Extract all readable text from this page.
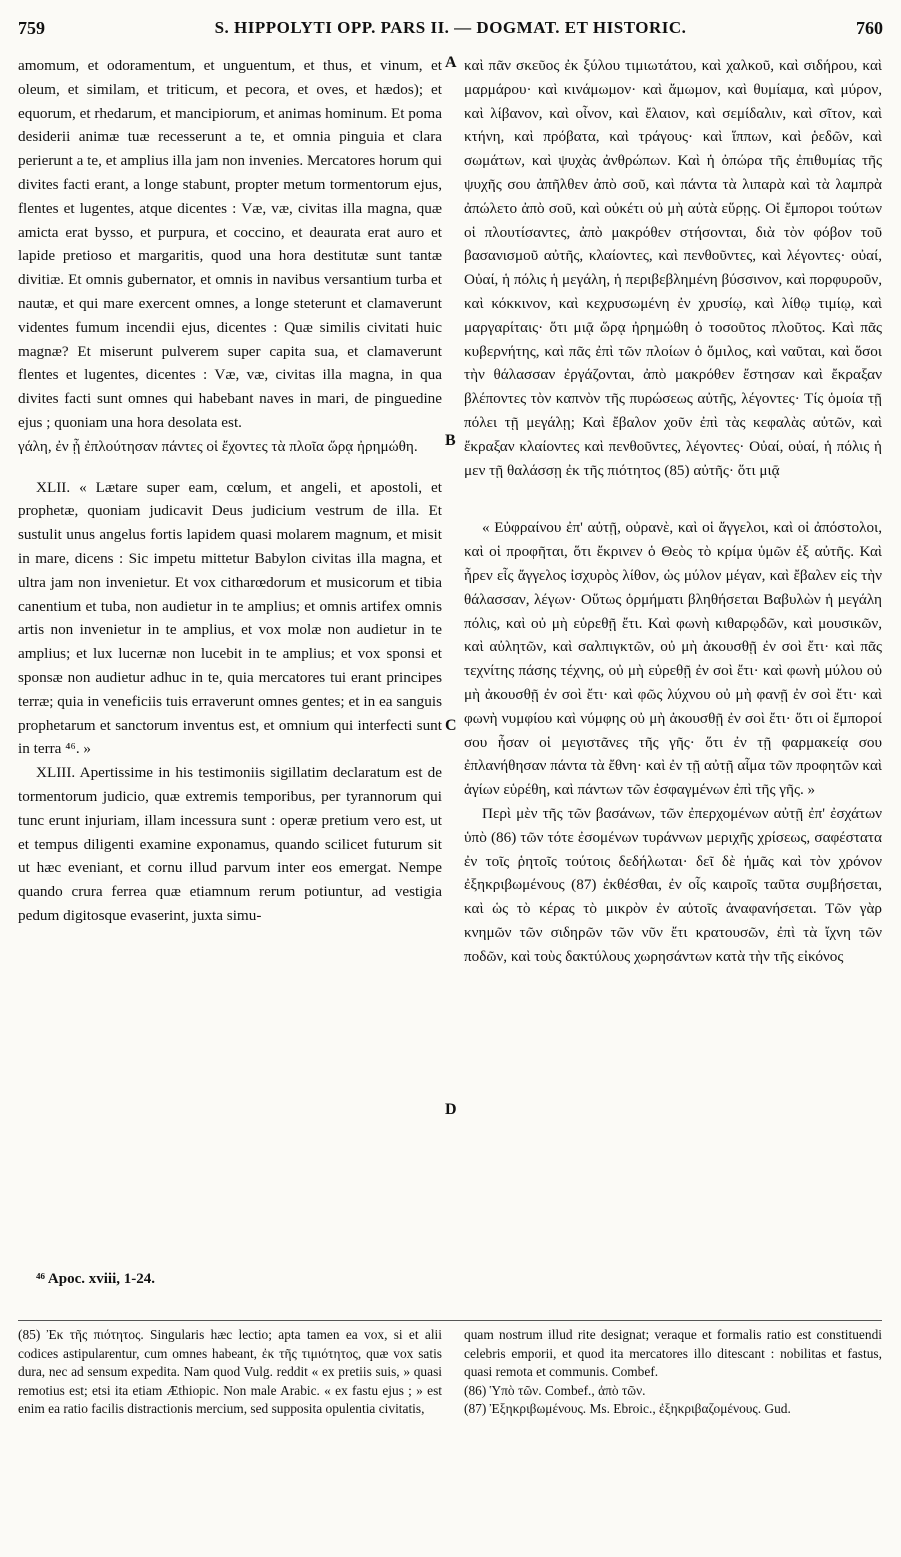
759	S. HIPPOLYTI OPP. PARS II. — DOGMAT. ET HISTORIC.	760
A
B
C
D

amomum, et odoramentum, et unguentum, et thus, et vinum, et oleum, et similam, et triticum, et pecora, et oves, et hædos); et equorum, et rhedarum, et mancipiorum, et animas hominum. Et poma desiderii animæ tuæ recesserunt a te, et omnia pinguia et clara perierunt a te, et amplius illa jam non invenies. Mercatores horum qui divites facti erant, a longe stabunt, propter metum tormentorum ejus, flentes et lugentes, atque dicentes : Væ, væ, civitas illa magna, quæ amicta erat bysso, et purpura, et coccino, et deaurata erat auro et lapide pretioso et margaritis, quod una hora destitutæ sunt tantæ divitiæ. Et omnis gubernator, et omnis in navibus versantium turba et nautæ, et qui mare exercent omnes, a longe steterunt et clamaverunt videntes fumum incendii ejus, dicentes : Quæ similis civitati huic magnæ? Et miserunt pulverem super capita sua, et clamaverunt flentes et lugentes, dicentes : Væ, væ, civitas illa magna, in qua divites facti sunt omnes qui habebant naves in mari, de pinguedine ejus ; quoniam una hora desolata est.

γάλη, ἐν ᾗ ἐπλούτησαν πάντες οἱ ἔχοντες τὰ πλοῖα ὥρᾳ ἠρημώθη.

XLII. « Lætare super eam, cœlum, et angeli, et apostoli, et prophetæ, quoniam judicavit Deus judicium vestrum de illa. Et sustulit unus angelus fortis lapidem quasi molarem magnum, et misit in mare, dicens : Sic impetu mittetur Babylon civitas illa magna, et ultra jam non invenietur. Et vox citharœdorum et musicorum et tibia canentium et tuba, non audietur in te amplius; et omnis artifex omnis artis non invenietur in te amplius, et vox molæ non audietur in te amplius; et lux lucernæ non lucebit in te amplius; et vox sponsi et sponsæ non audietur adhuc in te, quia mercatores tui erant principes terræ; quia in veneficiis tuis erraverunt omnes gentes; et in ea sanguis prophetarum et sanctorum inventus est, et omnium qui interfecti sunt in terra ⁴⁶. »

XLIII. Apertissime in his testimoniis sigillatim declaratum est de tormentorum judicio, quæ extremis temporibus, per tyrannorum qui tunc erunt injuriam, illam incessura sunt : operæ pretium vero est, ut et tempus diligenti examine exponamus, quando scilicet futurum sit ut hæc eveniant, et cornu illud parvum inter eos emergat. Nempe quando crura ferrea quæ etiamnum rerum potiuntur, ad vestigia pedum digitosque evaserint, juxta simu-

καὶ πᾶν σκεῦος ἐκ ξύλου τιμιωτάτου, καὶ χαλκοῦ, καὶ σιδήρου, καὶ μαρμάρου· καὶ κινάμωμον· καὶ ἄμωμον, καὶ θυμίαμα, καὶ μύρον, καὶ λίβανον, καὶ οἶνον, καὶ ἔλαιον, καὶ σεμίδαλιν, καὶ σῖτον, καὶ κτήνη, καὶ πρόβατα, καὶ τράγους· καὶ ἵππων, καὶ ῥεδῶν, καὶ σωμάτων, καὶ ψυχὰς ἀνθρώπων. Καὶ ἡ ὀπώρα τῆς ἐπιθυμίας τῆς ψυχῆς σου ἀπῆλθεν ἀπὸ σοῦ, καὶ πάντα τὰ λιπαρὰ καὶ τὰ λαμπρὰ ἀπώλετο ἀπὸ σοῦ, καὶ οὐκέτι οὐ μὴ αὐτὰ εὕρῃς. Οἱ ἔμποροι τούτων οἱ πλουτίσαντες, ἀπὸ μακρόθεν στήσονται, διὰ τὸν φόβον τοῦ βασανισμοῦ αὐτῆς, κλαίοντες, καὶ πενθοῦντες, καὶ λέγοντες· οὐαί, Οὐαί, ἡ πόλις ἡ μεγάλη, ἡ περιβεβλημένη βύσσινον, καὶ πορφυροῦν, καὶ κόκκινον, καὶ κεχρυσωμένη ἐν χρυσίῳ, καὶ λίθῳ τιμίῳ, καὶ μαργαρίταις· ὅτι μιᾷ ὥρᾳ ἠρημώθη ὁ τοσοῦτος πλοῦτος. Καὶ πᾶς κυβερνήτης, καὶ πᾶς ἐπὶ τῶν πλοίων ὁ ὅμιλος, καὶ ναῦται, καὶ ὅσοι τὴν θάλασσαν ἐργάζονται, ἀπὸ μακρόθεν ἔστησαν καὶ ἔκραξαν βλέποντες τὸν καπνὸν τῆς πυρώσεως αὐτῆς, λέγοντες· Τίς ὁμοία τῇ πόλει τῇ μεγάλῃ; Καὶ ἔβαλον χοῦν ἐπὶ τὰς κεφαλὰς αὐτῶν, καὶ ἔκραξαν κλαίοντες καὶ πενθοῦντες, λέγοντες· Οὐαί, οὐαί, ἡ πόλις ἡ μεν τῇ θαλάσσῃ ἐκ τῆς πιότητος (85) αὐτῆς· ὅτι μιᾷ

« Εὐφραίνου ἐπ' αὐτῇ, οὐρανὲ, καὶ οἱ ἄγγελοι, καὶ οἱ ἀπόστολοι, καὶ οἱ προφῆται, ὅτι ἔκρινεν ὁ Θεὸς τὸ κρίμα ὑμῶν ἐξ αὐτῆς. Καὶ ἦρεν εἷς ἄγγελος ἰσχυρὸς λίθον, ὡς μύλον μέγαν, καὶ ἔβαλεν εἰς τὴν θάλασσαν, λέγων· Οὕτως ὁρμήματι βληθήσεται Βαβυλὼν ἡ μεγάλη πόλις, καὶ οὐ μὴ εὑρεθῇ ἔτι. Καὶ φωνὴ κιθαρῳδῶν, καὶ μουσικῶν, καὶ αὐλητῶν, καὶ σαλπιγκτῶν, οὐ μὴ ἀκουσθῇ ἐν σοὶ ἔτι· καὶ πᾶς τεχνίτης πάσης τέχνης, οὐ μὴ εὑρεθῇ ἐν σοὶ ἔτι· καὶ φωνὴ μύλου οὐ μὴ ἀκουσθῇ ἐν σοὶ ἔτι· καὶ φῶς λύχνου οὐ μὴ φανῇ ἐν σοὶ ἔτι· καὶ φωνὴ νυμφίου καὶ νύμφης οὐ μὴ ἀκουσθῇ ἐν σοὶ ἔτι· ὅτι οἱ ἔμποροί σου ἦσαν οἱ μεγιστᾶνες τῆς γῆς· ὅτι ἐν τῇ φαρμακείᾳ σου ἐπλανήθησαν πάντα τὰ ἔθνη· καὶ ἐν τῇ αὐτῇ αἷμα τῶν προφητῶν καὶ ἁγίων εὑρέθη, καὶ πάντων τῶν ἐσφαγμένων ἐπὶ τῆς γῆς. »

Περὶ μὲν τῆς τῶν βασάνων, τῶν ἐπερχομένων αὐτῇ ἐπ' ἐσχάτων ὑπὸ (86) τῶν τότε ἐσομένων τυράννων μεριχῆς χρίσεως, σαφέστατα ἐν τοῖς ῥητοῖς τούτοις δεδήλωται· δεῖ δὲ ἡμᾶς καὶ τὸν χρόνον ἐξηκριβωμένους (87) ἐκθέσθαι, ἐν οἷς καιροῖς ταῦτα συμβήσεται, καὶ ὡς τὸ κέρας τὸ μικρὸν ἐν αὐτοῖς ἀναφανήσεται. Τῶν γὰρ κνημῶν τῶν σιδηρῶν τῶν νῦν ἔτι κρατουσῶν, ἐπὶ τὰ ἴχνη τῶν ποδῶν, καὶ τοὺς δακτύλους χωρησάντων κατὰ τὴν τῆς εἰκόνος

⁴⁶ Apoc. xviii, 1-24.

(85) Ἐκ τῆς πιότητος. Singularis hæc lectio; apta tamen ea vox, si et alii codices astipularentur, cum omnes habeant, ἐκ τῆς τιμιότητος, quæ vox satis dura, nec ad sensum expedita. Nam quod Vulg. reddit « ex pretiis suis, » quasi remotius est; etsi ita etiam Æthiopic. Non male Arabic. « ex fastu ejus ; » est enim ea ratio facilis distractionis mercium, sed supposita opulentia civitatis,

quam nostrum illud rite designat; veraque et formalis ratio est constituendi celebris emporii, et quod ita mercatores illo ditescant : nobilitas et fastus, quasi remota et communis. Combef.

(86) Ὑπὸ τῶν. Combef., ἀπὸ τῶν.

(87) Ἐξηκριβωμένους. Ms. Ebroic., ἐξηκριβαζομένους. Gud.
